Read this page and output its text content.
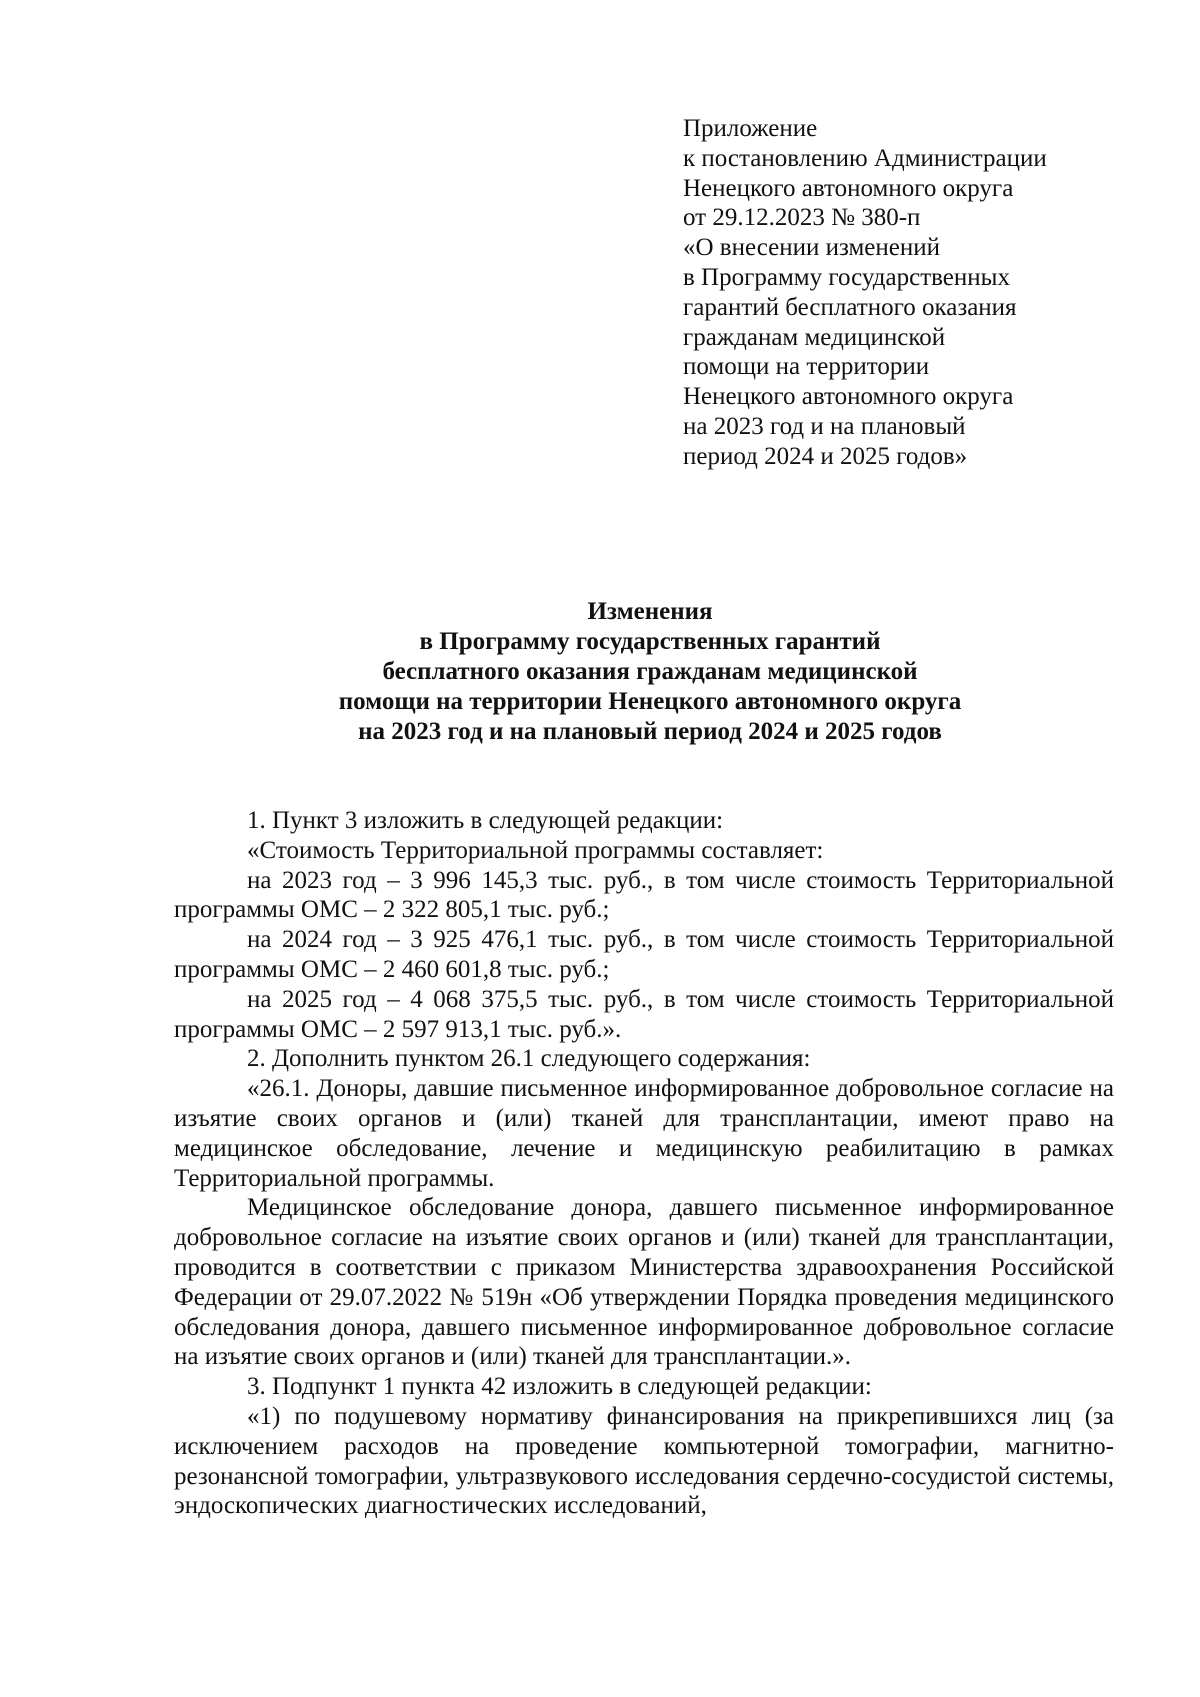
Приложение
к постановлению Администрации
Ненецкого автономного округа
от 29.12.2023 № 380-п
«О внесении изменений
в Программу государственных
гарантий бесплатного оказания
гражданам медицинской
помощи на территории
Ненецкого автономного округа
на 2023 год и на плановый
период 2024 и 2025 годов»
Изменения
в Программу государственных гарантий
бесплатного оказания гражданам медицинской
помощи на территории Ненецкого автономного округа
на 2023 год и на плановый период 2024 и 2025 годов

1. Пункт 3 изложить в следующей редакции:

«Стоимость Территориальной программы составляет:

на 2023 год – 3 996 145,3 тыс. руб., в том числе стоимость Территориальной программы ОМС – 2 322 805,1 тыс. руб.;

на 2024 год – 3 925 476,1 тыс. руб., в том числе стоимость Территориальной программы ОМС – 2 460 601,8 тыс. руб.;

на 2025 год – 4 068 375,5 тыс. руб., в том числе стоимость Территориальной программы ОМС – 2 597 913,1 тыс. руб.».

2. Дополнить пунктом 26.1 следующего содержания:

«26.1. Доноры, давшие письменное информированное добровольное согласие на изъятие своих органов и (или) тканей для трансплантации, имеют право на медицинское обследование, лечение и медицинскую реабилитацию в рамках Территориальной программы.

Медицинское обследование донора, давшего письменное информированное добровольное согласие на изъятие своих органов и (или) тканей для трансплантации, проводится в соответствии с приказом Министерства здравоохранения Российской Федерации от 29.07.2022 № 519н «Об утверждении Порядка проведения медицинского обследования донора, давшего письменное информированное добровольное согласие на изъятие своих органов и (или) тканей для трансплантации.».

3. Подпункт 1 пункта 42 изложить в следующей редакции:

«1) по подушевому нормативу финансирования на прикрепившихся лиц (за исключением расходов на проведение компьютерной томографии, магнитно-резонансной томографии, ультразвукового исследования сердечно-сосудистой системы, эндоскопических диагностических исследований,
